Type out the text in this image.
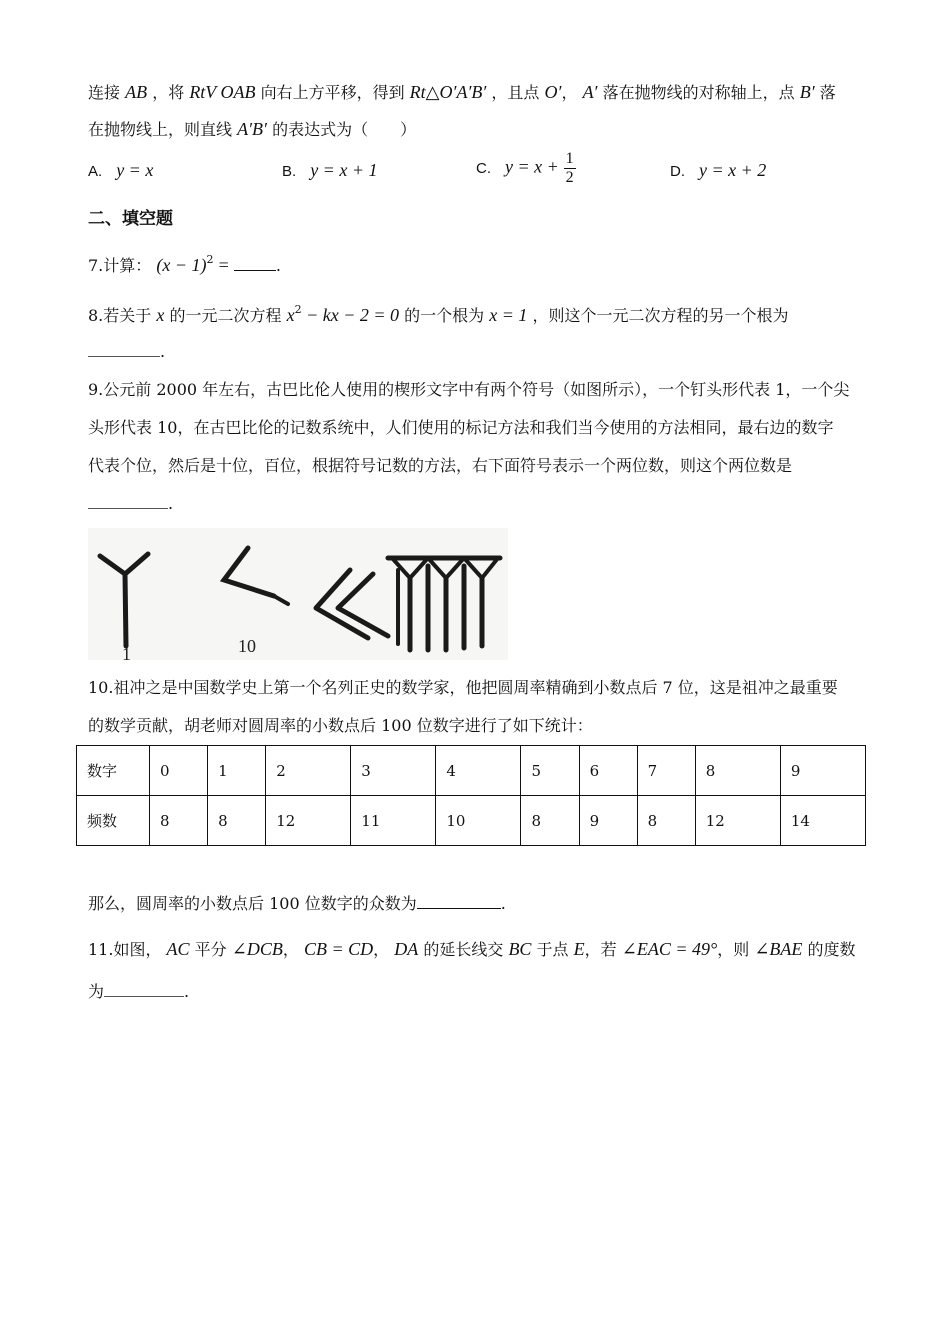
连接 AB ，将 RtV OAB 向右上方平移，得到 Rt△O′A′B′ ，且点 O′， A′ 落在抛物线的对称轴上，点 B′ 落
在抛物线上，则直线 A′B′ 的表达式为（　　）
A. y = x	B. y = x + 1	C. $y = x + \frac{1}{2}$	D. y = x + 2
二、填空题
7.计算： $(x - 1)^2$ =	.
8.若关于 x 的一元二次方程 $x^2$ − kx − 2 = 0 的一个根为 x = 1 ，则这个一元二次方程的另一个根为
.
9.公元前 2000 年左右，古巴比伦人使用的楔形文字中有两个符号（如图所示），一个钉头形代表 1，一个尖
头形代表 10，在古巴比伦的记数系统中，人们使用的标记方法和我们当今使用的方法相同，最右边的数字
代表个位，然后是十位，百位，根据符号记数的方法，右下面符号表示一个两位数，则这个两位数是
.
1	10
10.祖冲之是中国数学史上第一个名列正史的数学家，他把圆周率精确到小数点后 7 位，这是祖冲之最重要
的数学贡献，胡老师对圆周率的小数点后 100 位数字进行了如下统计：
数字	0	1	2	3	4	5	6	7	8	9
频数	8	8	12	11	10	8	9	8	12	14
那么，圆周率的小数点后 100 位数字的众数为	.
11.如图， AC 平分 ∠DCB， CB = CD， DA 的延长线交 BC 于点 E，若 ∠EAC = 49°，则 ∠BAE 的度数
为	.
